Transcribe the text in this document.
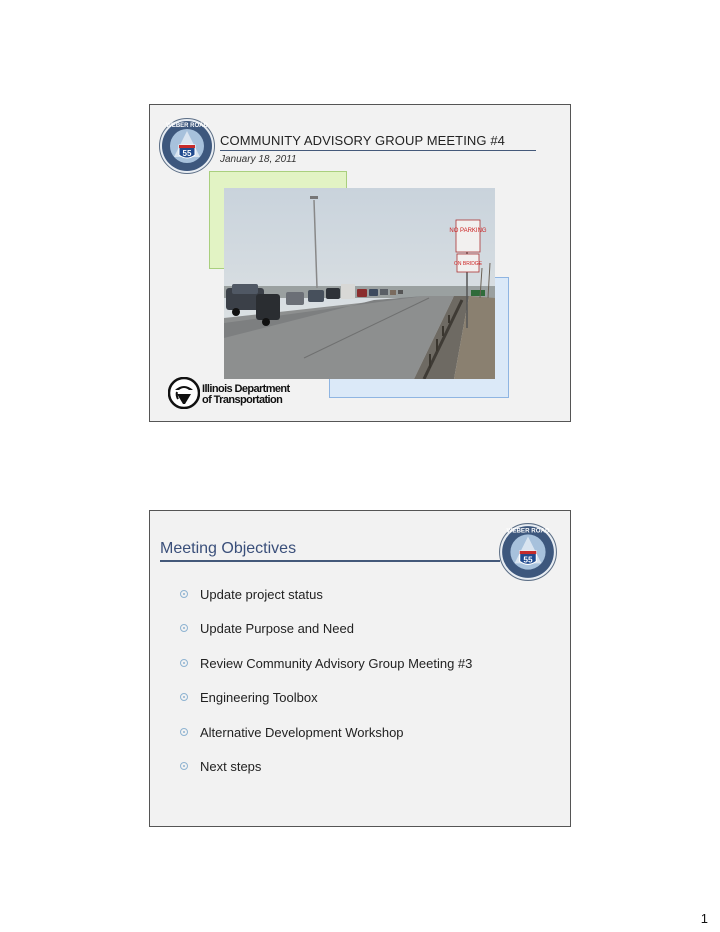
55
WEBER ROAD
COMMUNITY ADVISORY GROUP MEETING #4
January 18, 2011
NO PARKING
ON BRIDGE
Illinois Department
of Transportation
Meeting Objectives
55
WEBER ROAD
Update project status
Update Purpose and Need
Review Community Advisory Group Meeting #3
Engineering Toolbox
Alternative Development Workshop
Next steps
1
